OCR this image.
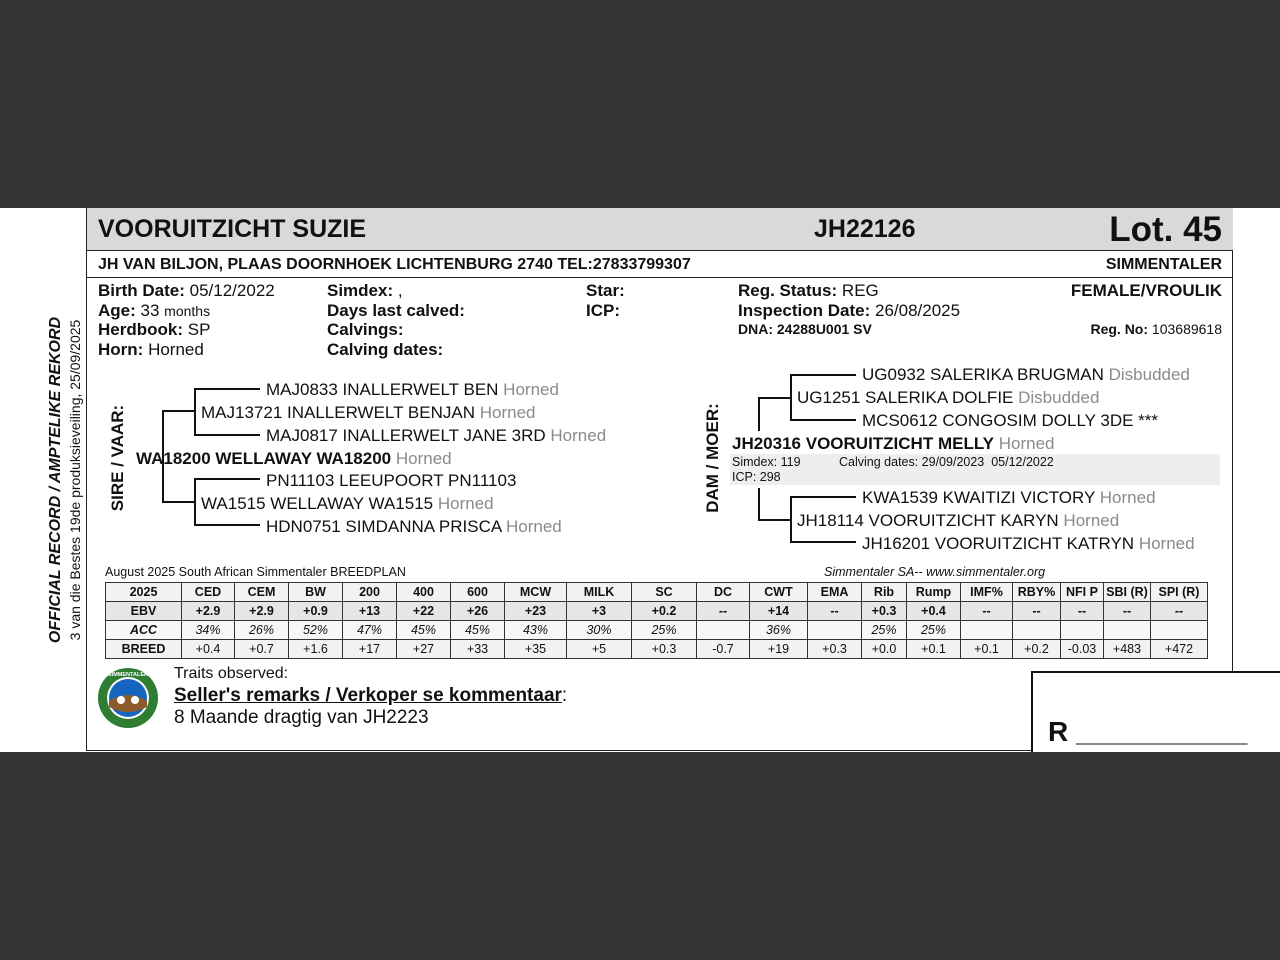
OFFICIAL RECORD / AMPTELIKE REKORD 3 van die Bestes 19de produksieveiling, 25/09/2025
VOORUITZICHT SUZIE	JH22126	Lot. 45
JH VAN BILJON, PLAAS DOORNHOEK LICHTENBURG 2740 TEL:27833799307	SIMMENTALER
Birth Date: 05/12/2022
Age: 33 months
Herdbook: SP
Horn: Horned
Simdex: ,
Days last calved:
Calvings:
Calving dates:
Star:
ICP:
Reg. Status: REG
Inspection Date: 26/08/2025
DNA: 24288U001 SV
FEMALE/VROULIK
Reg. No: 103689618
SIRE / VAAR:
MAJ0833 INALLERWELT BEN Horned
MAJ13721 INALLERWELT BENJAN Horned
MAJ0817 INALLERWELT JANE 3RD Horned
WA18200 WELLAWAY WA18200 Horned
PN11103 LEEUPOORT PN11103
WA1515 WELLAWAY WA1515 Horned
HDN0751 SIMDANNA PRISCA Horned
DAM / MOER:
UG0932 SALERIKA BRUGMAN Disbudded
UG1251 SALERIKA DOLFIE Disbudded
MCS0612 CONGOSIM DOLLY 3DE ***
JH20316 VOORUITZICHT MELLY Horned
Simdex: 119	Calving dates: 29/09/2023  05/12/2022
ICP: 298
KWA1539 KWAITIZI VICTORY Horned
JH18114 VOORUITZICHT KARYN Horned
JH16201 VOORUITZICHT KATRYN Horned
August 2025 South African Simmentaler BREEDPLAN	Simmentaler SA-- www.simmentaler.org
2025	CED	CEM	BW	200	400	600	MCW	MILK	SC	DC	CWT	EMA	Rib	Rump	IMF%	RBY%	NFI P	SBI (R)	SPI (R)
EBV	+2.9	+2.9	+0.9	+13	+22	+26	+23	+3	+0.2	--	+14	--	+0.3	+0.4	--	--	--	--	--
ACC	34%	26%	52%	47%	45%	45%	43%	30%	25%		36%		25%	25%					
BREED	+0.4	+0.7	+1.6	+17	+27	+33	+35	+5	+0.3	-0.7	+19	+0.3	+0.0	+0.1	+0.1	+0.2	-0.03	+483	+472
SIMMENTALER Traits observed:
Seller's remarks / Verkoper se kommentaar:
8 Maande dragtig van JH2223	R ___________
